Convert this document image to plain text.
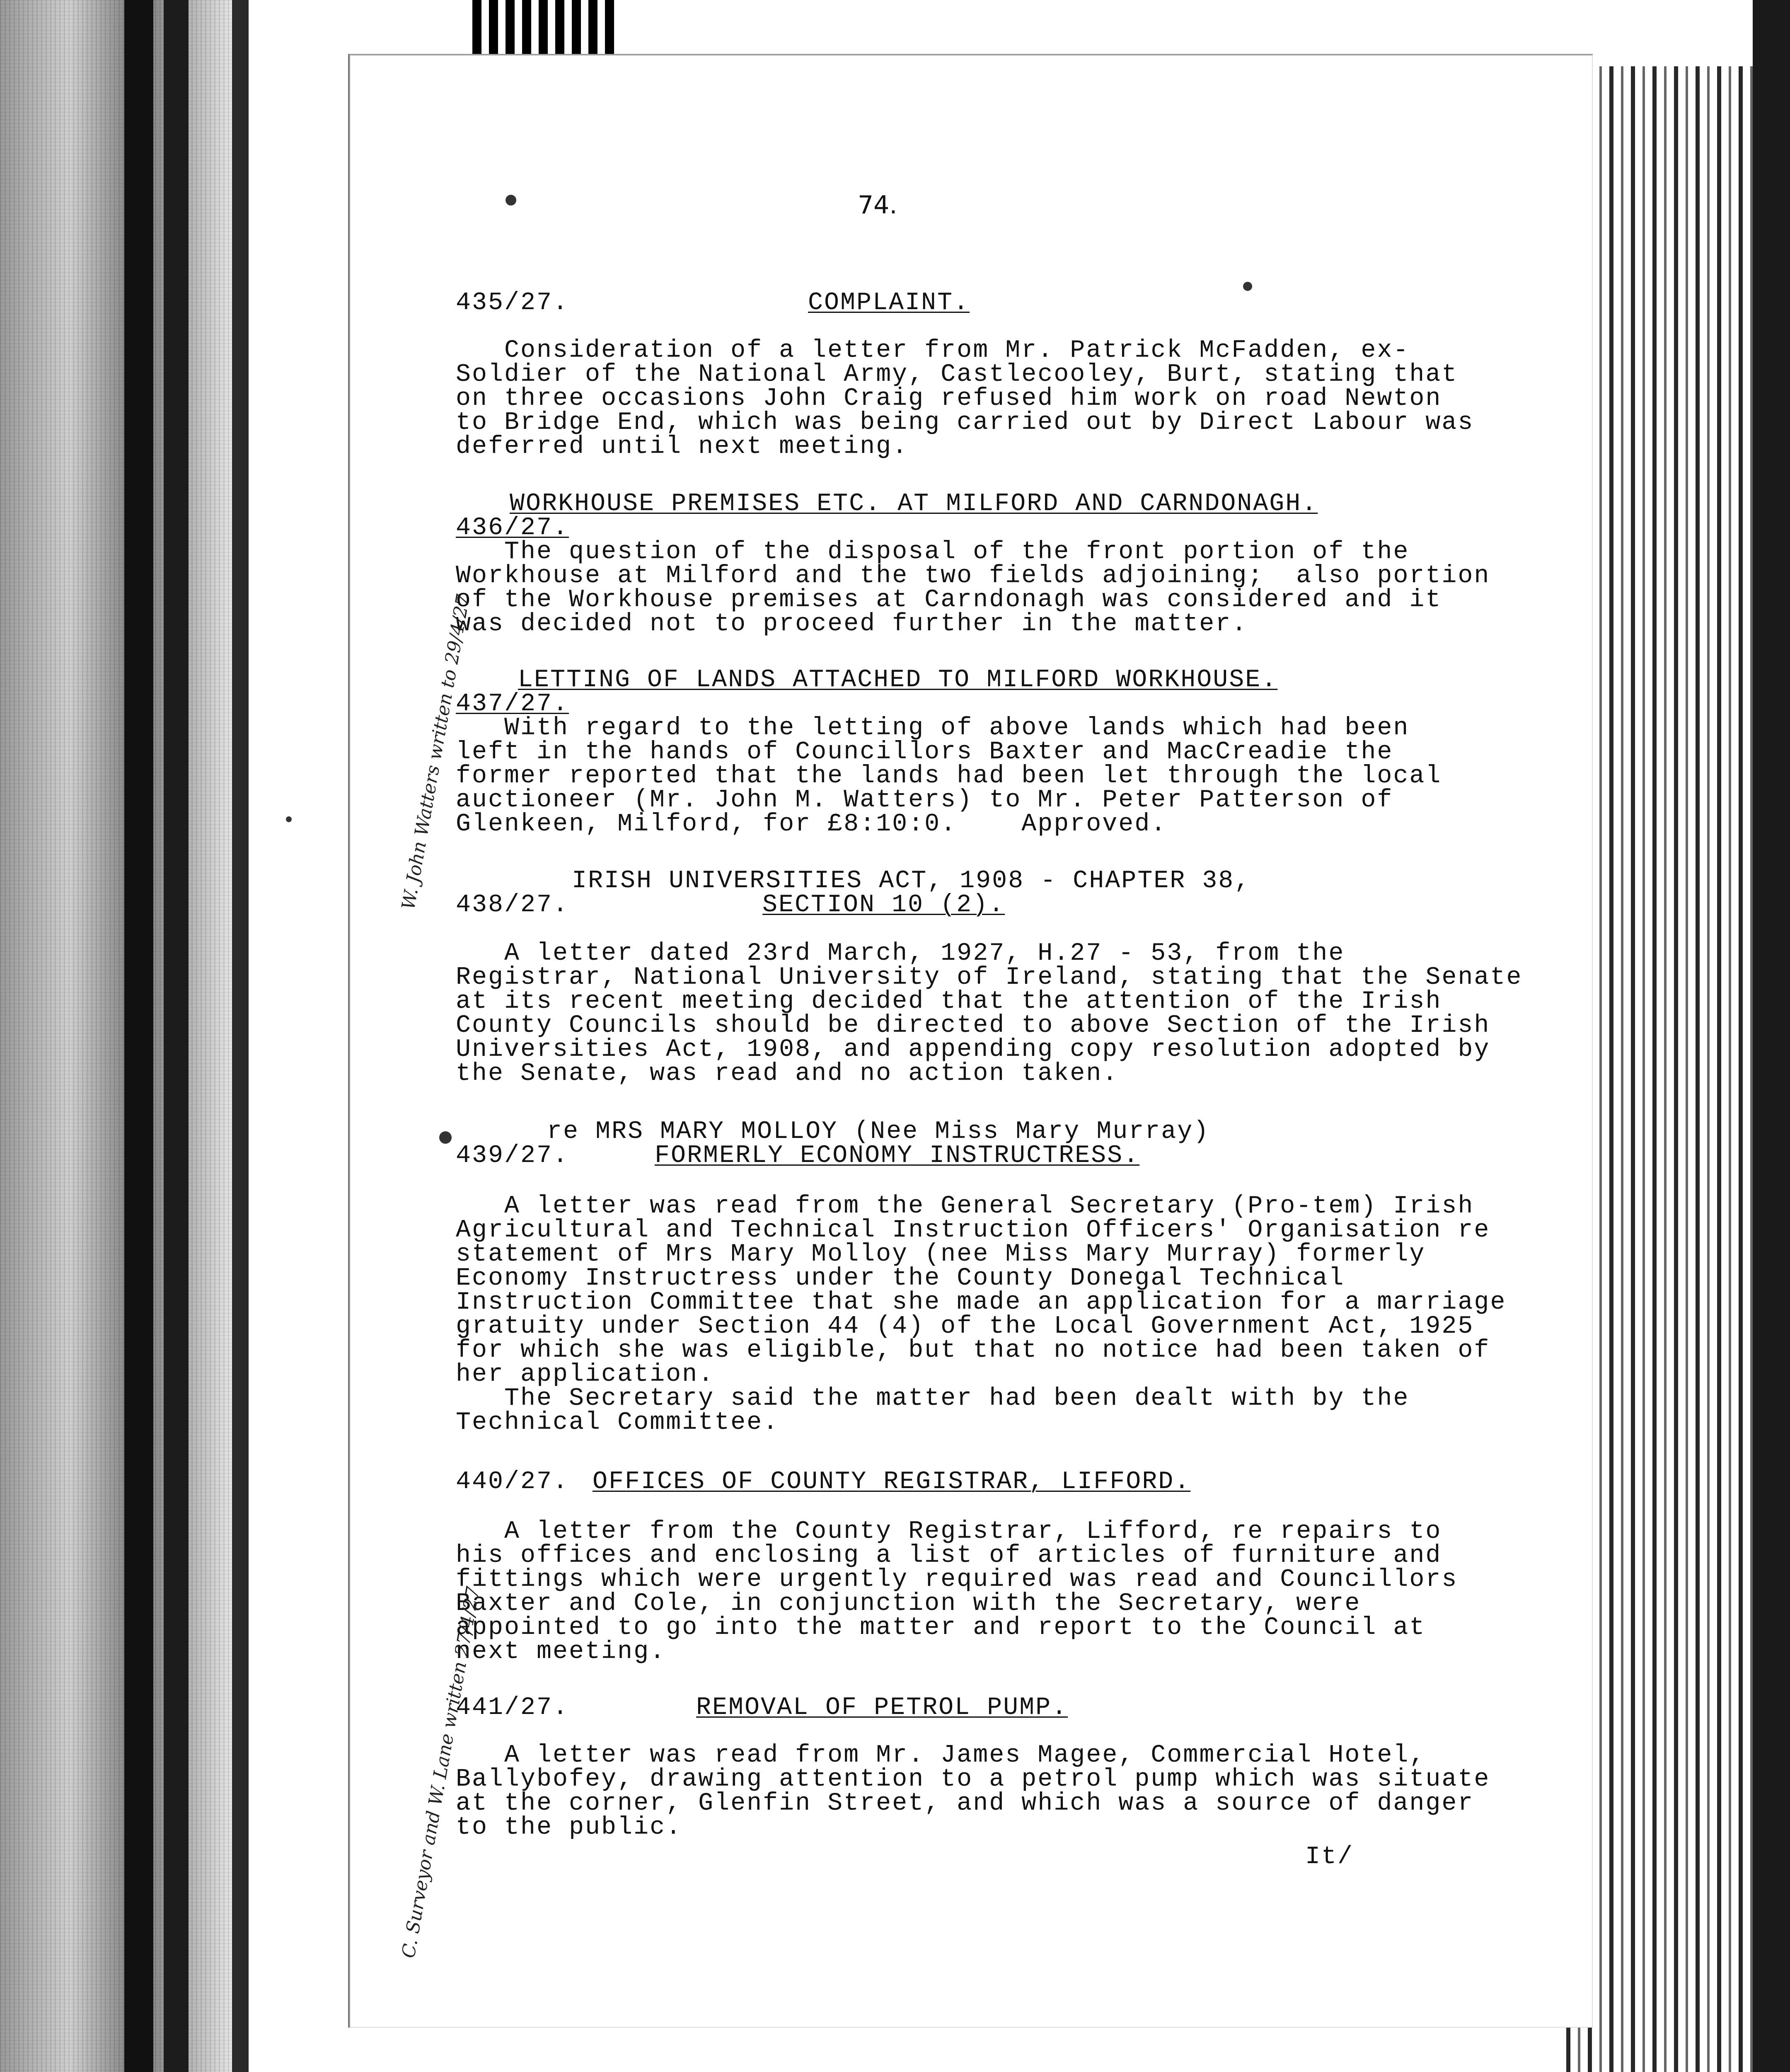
74.
435/27.	COMPLAINT.
Consideration of a letter from Mr. Patrick McFadden, ex-
Soldier of the National Army, Castlecooley, Burt, stating that
on three occasions John Craig refused him work on road Newton
to Bridge End, which was being carried out by Direct Labour was
deferred until next meeting.
WORKHOUSE PREMISES ETC. AT MILFORD AND CARNDONAGH.
436/27.
The question of the disposal of the front portion of the
Workhouse at Milford and the two fields adjoining;  also portion
of the Workhouse premises at Carndonagh was considered and it
was decided not to proceed further in the matter.
LETTING OF LANDS ATTACHED TO MILFORD WORKHOUSE.
437/27.
With regard to the letting of above lands which had been
left in the hands of Councillors Baxter and MacCreadie the
former reported that the lands had been let through the local
auctioneer (Mr. John M. Watters) to Mr. Peter Patterson of
Glenkeen, Milford, for £8:10:0.    Approved.
IRISH UNIVERSITIES ACT, 1908 - CHAPTER 38,
438/27.	SECTION 10 (2).
A letter dated 23rd March, 1927, H.27 - 53, from the
Registrar, National University of Ireland, stating that the Senate
at its recent meeting decided that the attention of the Irish
County Councils should be directed to above Section of the Irish
Universities Act, 1908, and appending copy resolution adopted by
the Senate, was read and no action taken.
re MRS MARY MOLLOY (Nee Miss Mary Murray)
439/27.	FORMERLY ECONOMY INSTRUCTRESS.
A letter was read from the General Secretary (Pro-tem) Irish
Agricultural and Technical Instruction Officers' Organisation re
statement of Mrs Mary Molloy (nee Miss Mary Murray) formerly
Economy Instructress under the County Donegal Technical
Instruction Committee that she made an application for a marriage
gratuity under Section 44 (4) of the Local Government Act, 1925
for which she was eligible, but that no notice had been taken of
her application.
The Secretary said the matter had been dealt with by the
Technical Committee.
440/27. OFFICES OF COUNTY REGISTRAR, LIFFORD.
A letter from the County Registrar, Lifford, re repairs to
his offices and enclosing a list of articles of furniture and
fittings which were urgently required was read and Councillors
Baxter and Cole, in conjunction with the Secretary, were
appointed to go into the matter and report to the Council at
next meeting.
441/27.	REMOVAL OF PETROL PUMP.
A letter was read from Mr. James Magee, Commercial Hotel,
Ballybofey, drawing attention to a petrol pump which was situate
at the corner, Glenfin Street, and which was a source of danger
to the public.
It/
W. John Watters written to 29/4/27
C. Surveyor and W. Lane written 27/4/27
